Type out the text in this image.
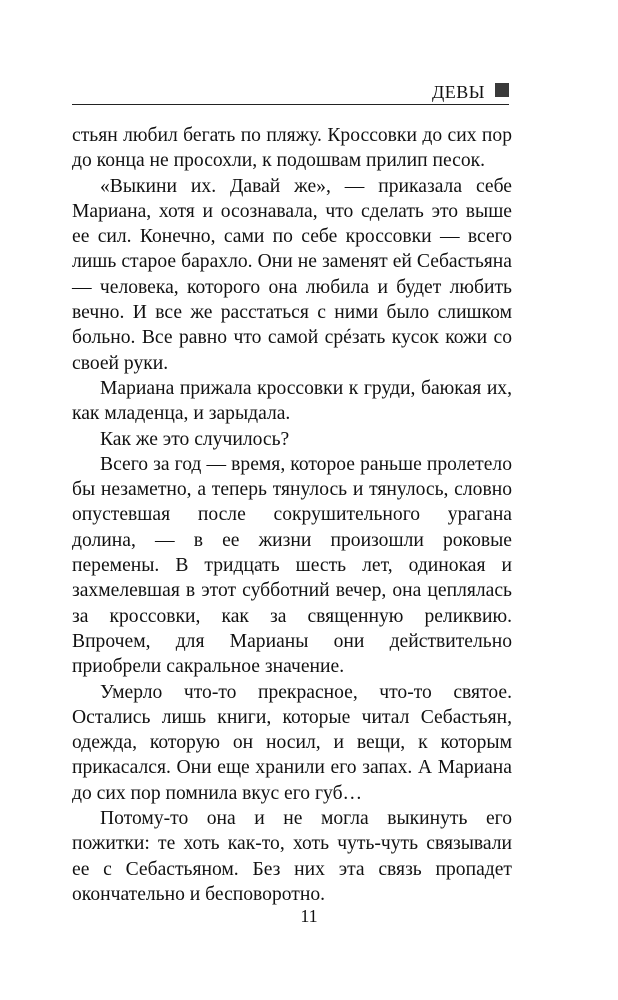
ДЕВЫ

стьян любил бегать по пляжу. Кроссовки до сих пор до конца не просохли, к подошвам прилип песок.

«Выкини их. Давай же», — приказала себе Мариана, хотя и осознавала, что сделать это выше ее сил. Конечно, сами по себе кроссовки — всего лишь старое барахло. Они не заменят ей Себастьяна — человека, которого она любила и будет любить вечно. И все же расстаться с ними было слишком больно. Все равно что самой срéзать кусок кожи со своей руки.

Мариана прижала кроссовки к груди, баюкая их, как младенца, и зарыдала.

Как же это случилось?

Всего за год — время, которое раньше пролетело бы незаметно, а теперь тянулось и тянулось, словно опустевшая после сокрушительного урагана долина, — в ее жизни произошли роковые перемены. В тридцать шесть лет, одинокая и захмелевшая в этот субботний вечер, она цеплялась за кроссовки, как за священную реликвию. Впрочем, для Марианы они действительно приобрели сакральное значение.

Умерло что-то прекрасное, что-то святое. Остались лишь книги, которые читал Себастьян, одежда, которую он носил, и вещи, к которым прикасался. Они еще хранили его запах. А Мариана до сих пор помнила вкус его губ…

Потому-то она и не могла выкинуть его пожитки: те хоть как-то, хоть чуть-чуть связывали ее с Себастьяном. Без них эта связь пропадет окончательно и бесповоротно.

11
